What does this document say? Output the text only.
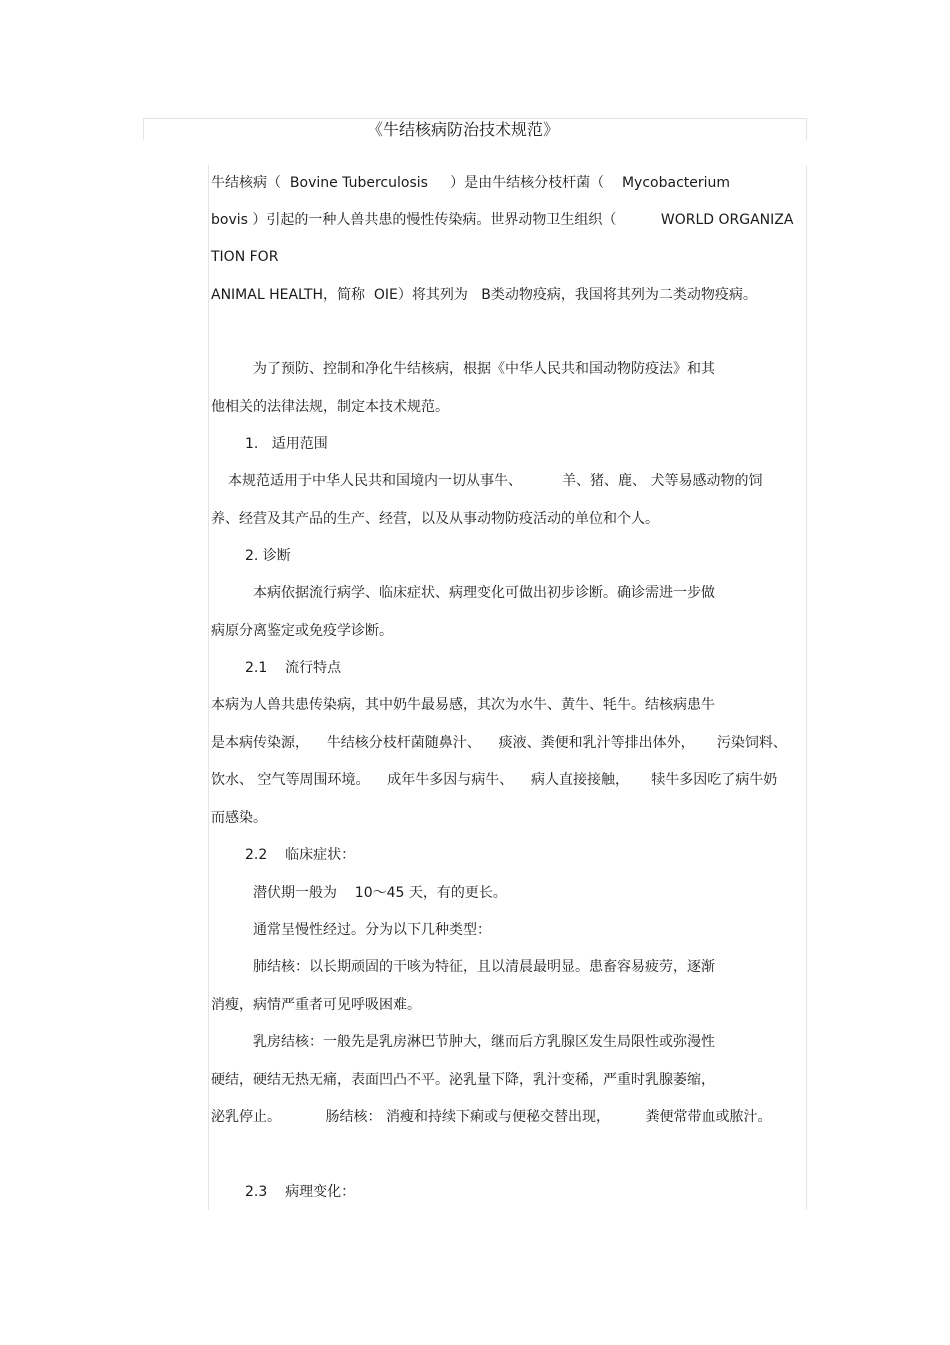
《牛结核病防治技术规范》
牛结核病（  Bovine Tuberculosis     ）是由牛结核分枝杆菌（    Mycobacterium
bovis ）引起的一种人兽共患的慢性传染病。世界动物卫生组织（          WORLD ORGANIZA
TION FOR
ANIMAL HEALTH，简称  OIE）将其列为   B类动物疫病，我国将其列为二类动物疫病。
为了预防、控制和净化牛结核病，根据《中华人民共和国动物防疫法》和其
他相关的法律法规，制定本技术规范。
1.   适用范围
本规范适用于中华人民共和国境内一切从事牛、         羊、猪、鹿、 犬等易感动物的饲
养、经营及其产品的生产、经营，以及从事动物防疫活动的单位和个人。
2. 诊断
本病依据流行病学、临床症状、病理变化可做出初步诊断。确诊需进一步做
病原分离鉴定或免疫学诊断。
2.1    流行特点
本病为人兽共患传染病，其中奶牛最易感，其次为水牛、黄牛、牦牛。结核病患牛
是本病传染源，    牛结核分枝杆菌随鼻汁、    痰液、粪便和乳汁等排出体外，     污染饲料、
饮水、 空气等周围环境。    成年牛多因与病牛、    病人直接接触，     犊牛多因吃了病牛奶
而感染。
2.2    临床症状：
潜伏期一般为    10～45 天，有的更长。
通常呈慢性经过。分为以下几种类型：
肺结核：以长期顽固的干咳为特征，且以清晨最明显。患畜容易疲劳，逐渐
消瘦，病情严重者可见呼吸困难。
乳房结核：一般先是乳房淋巴节肿大，继而后方乳腺区发生局限性或弥漫性
硬结，硬结无热无痛，表面凹凸不平。泌乳量下降，乳汁变稀，严重时乳腺萎缩，
泌乳停止。          肠结核： 消瘦和持续下痢或与便秘交替出现，        粪便常带血或脓汁。
2.3    病理变化：
